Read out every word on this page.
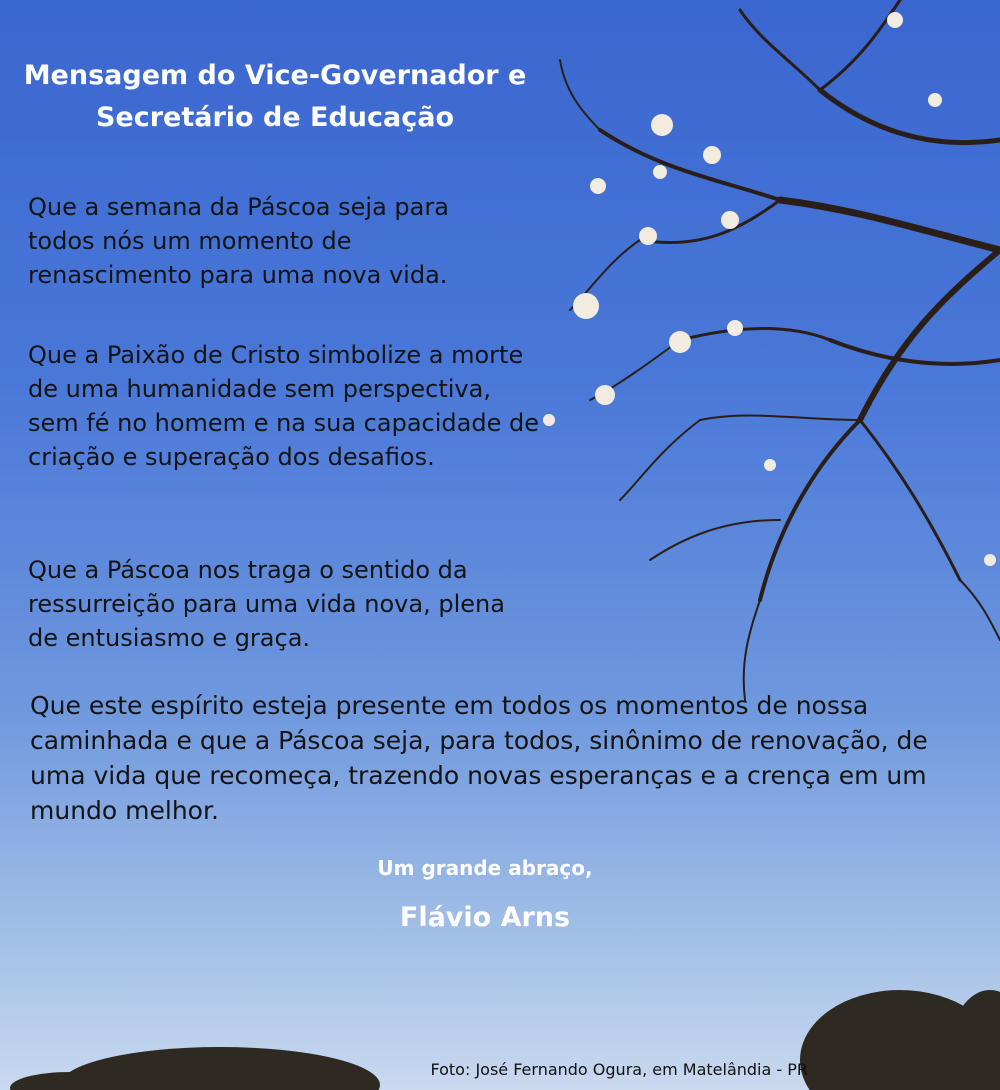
Mensagem do Vice-Governador e
Secretário de Educação
Que a semana da Páscoa seja para todos nós um momento de renascimento para uma nova vida.
Que a Paixão de Cristo simbolize a morte de uma humanidade sem perspectiva, sem fé no homem e na sua capacidade de criação e superação dos desafios.
Que a Páscoa nos traga o sentido da ressurreição para uma vida nova, plena de entusiasmo e graça.
Que este espírito esteja presente em todos os momentos de nossa caminhada e que a Páscoa seja, para todos, sinônimo de renovação, de uma vida que recomeça, trazendo novas esperanças e a crença em um mundo melhor.
Um grande abraço,
Flávio Arns
Foto: José Fernando Ogura, em Matelândia - PR
